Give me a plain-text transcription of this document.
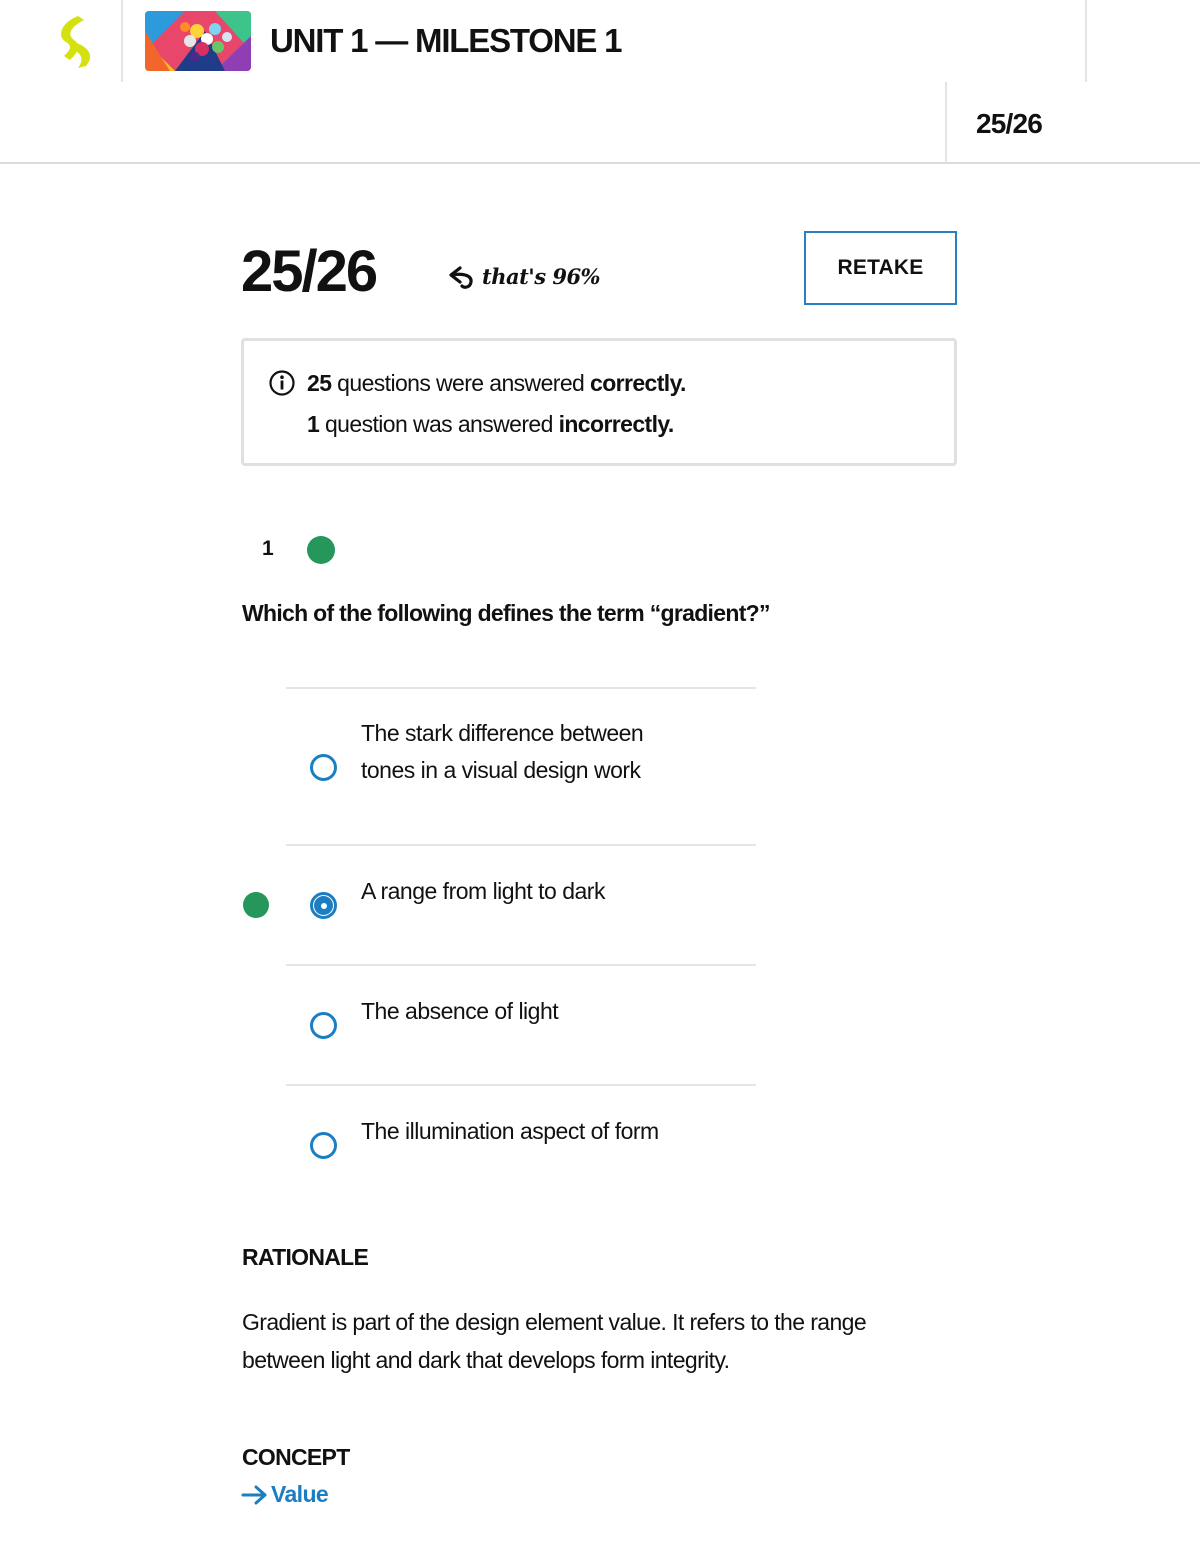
UNIT 1 — MILESTONE 1
25/26
25/26	that's 96%	RETAKE
25 questions were answered correctly.
1 question was answered incorrectly.
1
Which of the following defines the term “gradient?”
The stark difference between tones in a visual design work
A range from light to dark
The absence of light
The illumination aspect of form
RATIONALE
Gradient is part of the design element value. It refers to the range between light and dark that develops form integrity.
CONCEPT
Value
